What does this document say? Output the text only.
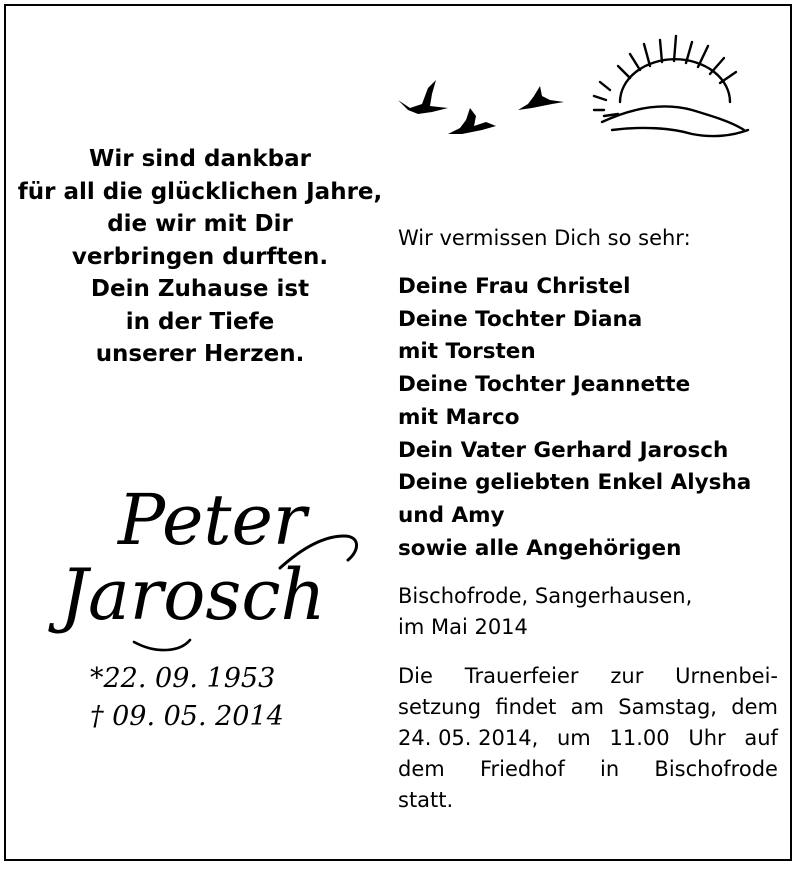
Wir sind dankbar
für all die glücklichen Jahre,
die wir mit Dir
verbringen durften.
Dein Zuhause ist
in der Tiefe
unserer Herzen.
Peter
Jarosch
*22. 09. 1953
† 09. 05. 2014
Wir vermissen Dich so sehr:
Deine Frau Christel
Deine Tochter Diana
mit Torsten
Deine Tochter Jeannette
mit Marco
Dein Vater Gerhard Jarosch
Deine geliebten Enkel Alysha
und Amy
sowie alle Angehörigen
Bischofrode, Sangerhausen,
im Mai 2014
Die Trauerfeier zur Urnenbei-
setzung findet am Samstag, dem
24. 05. 2014, um 11.00 Uhr auf
dem Friedhof in Bischofrode
statt.
